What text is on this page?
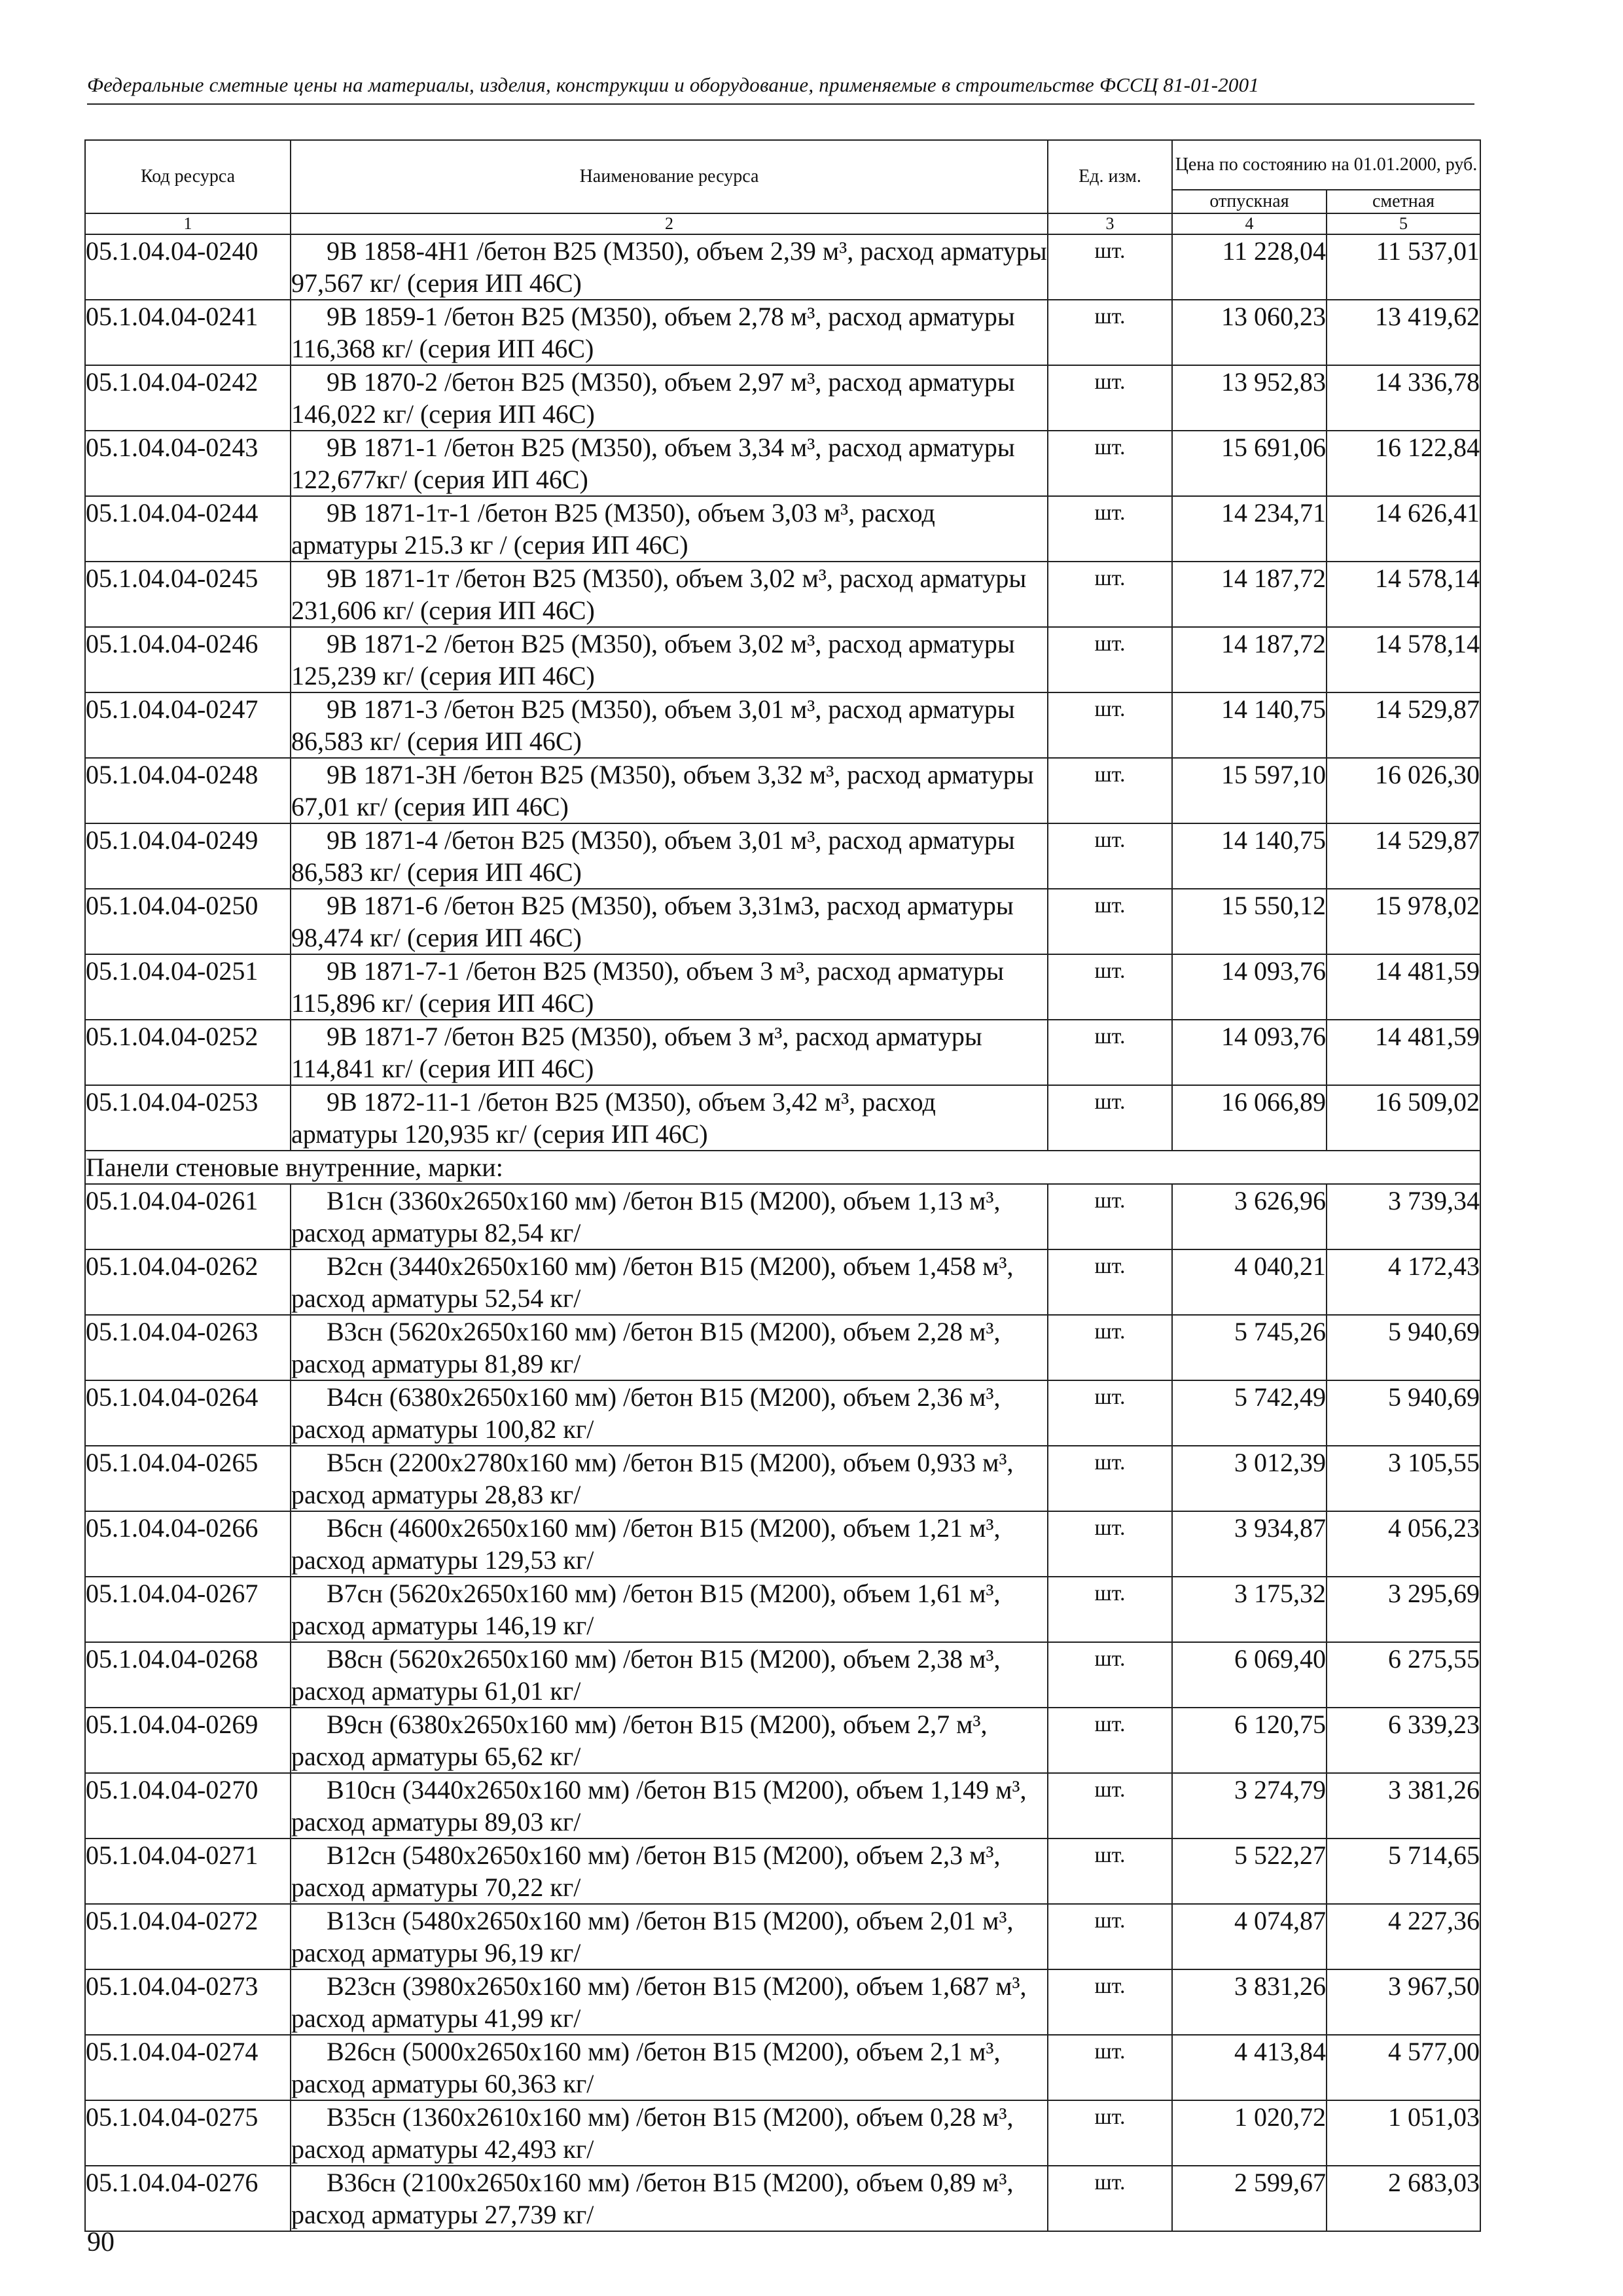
Федеральные сметные цены на материалы, изделия, конструкции и оборудование, применяемые в строительстве ФССЦ 81-01-2001
Код ресурса	Наименование ресурса	Ед. изм.	Цена по состоянию на 01.01.2000, руб.	
			отпускная	сметная
1	2	3	4	5
05.1.04.04-0240	9В 1858-4Н1 /бетон В25 (М350), объем 2,39 м³, расход арматуры 97,567 кг/ (серия ИП 46С)	шт.	11 228,04	11 537,01
05.1.04.04-0241	9В 1859-1 /бетон В25 (М350), объем 2,78 м³, расход арматуры 116,368 кг/ (серия ИП 46С)	шт.	13 060,23	13 419,62
05.1.04.04-0242	9В 1870-2 /бетон В25 (М350), объем 2,97 м³, расход арматуры 146,022 кг/ (серия ИП 46С)	шт.	13 952,83	14 336,78
05.1.04.04-0243	9В 1871-1 /бетон В25 (М350), объем 3,34 м³, расход арматуры 122,677кг/ (серия ИП 46С)	шт.	15 691,06	16 122,84
05.1.04.04-0244	9В 1871-1т-1 /бетон В25 (М350), объем 3,03 м³, расход арматуры 215.3 кг / (серия ИП 46С)	шт.	14 234,71	14 626,41
05.1.04.04-0245	9В 1871-1т /бетон В25 (М350), объем 3,02 м³, расход арматуры 231,606 кг/ (серия ИП 46С)	шт.	14 187,72	14 578,14
05.1.04.04-0246	9В 1871-2 /бетон В25 (М350), объем 3,02 м³, расход арматуры 125,239 кг/ (серия ИП 46С)	шт.	14 187,72	14 578,14
05.1.04.04-0247	9В 1871-3 /бетон В25 (М350), объем 3,01 м³, расход арматуры 86,583 кг/ (серия ИП 46С)	шт.	14 140,75	14 529,87
05.1.04.04-0248	9В 1871-3Н /бетон В25 (М350), объем 3,32 м³, расход арматуры 67,01 кг/ (серия ИП 46С)	шт.	15 597,10	16 026,30
05.1.04.04-0249	9В 1871-4 /бетон В25 (М350), объем 3,01 м³, расход арматуры 86,583 кг/ (серия ИП 46С)	шт.	14 140,75	14 529,87
05.1.04.04-0250	9В 1871-6 /бетон В25 (М350), объем 3,31м3, расход арматуры 98,474 кг/ (серия ИП 46С)	шт.	15 550,12	15 978,02
05.1.04.04-0251	9В 1871-7-1 /бетон В25 (М350), объем 3 м³, расход арматуры 115,896 кг/ (серия ИП 46С)	шт.	14 093,76	14 481,59
05.1.04.04-0252	9В 1871-7 /бетон В25 (М350), объем 3 м³, расход арматуры 114,841 кг/ (серия ИП 46С)	шт.	14 093,76	14 481,59
05.1.04.04-0253	9В 1872-11-1 /бетон В25 (М350), объем 3,42 м³, расход арматуры 120,935 кг/ (серия ИП 46С)	шт.	16 066,89	16 509,02
Панели стеновые внутренние, марки:				
05.1.04.04-0261	В1сн (3360х2650х160 мм) /бетон В15 (М200), объем 1,13 м³, расход арматуры 82,54 кг/	шт.	3 626,96	3 739,34
05.1.04.04-0262	В2сн (3440х2650х160 мм) /бетон В15 (М200), объем 1,458 м³, расход арматуры 52,54 кг/	шт.	4 040,21	4 172,43
05.1.04.04-0263	В3сн (5620х2650х160 мм) /бетон В15 (М200), объем 2,28 м³, расход арматуры 81,89 кг/	шт.	5 745,26	5 940,69
05.1.04.04-0264	В4сн (6380х2650х160 мм) /бетон В15 (М200), объем 2,36 м³, расход арматуры 100,82 кг/	шт.	5 742,49	5 940,69
05.1.04.04-0265	В5сн (2200х2780х160 мм) /бетон В15 (М200), объем 0,933 м³, расход арматуры 28,83 кг/	шт.	3 012,39	3 105,55
05.1.04.04-0266	В6сн (4600х2650х160 мм) /бетон В15 (М200), объем 1,21 м³, расход арматуры 129,53 кг/	шт.	3 934,87	4 056,23
05.1.04.04-0267	В7сн (5620х2650х160 мм) /бетон В15 (М200), объем 1,61 м³, расход арматуры 146,19 кг/	шт.	3 175,32	3 295,69
05.1.04.04-0268	В8сн (5620х2650х160 мм) /бетон В15 (М200), объем 2,38 м³, расход арматуры 61,01 кг/	шт.	6 069,40	6 275,55
05.1.04.04-0269	В9сн (6380х2650х160 мм) /бетон В15 (М200), объем 2,7 м³, расход арматуры 65,62 кг/	шт.	6 120,75	6 339,23
05.1.04.04-0270	В10сн (3440х2650х160 мм) /бетон В15 (М200), объем 1,149 м³, расход арматуры 89,03 кг/	шт.	3 274,79	3 381,26
05.1.04.04-0271	В12сн (5480х2650х160 мм) /бетон В15 (М200), объем 2,3 м³, расход арматуры 70,22 кг/	шт.	5 522,27	5 714,65
05.1.04.04-0272	В13сн (5480х2650х160 мм) /бетон В15 (М200), объем 2,01 м³, расход арматуры 96,19 кг/	шт.	4 074,87	4 227,36
05.1.04.04-0273	В23сн (3980х2650х160 мм) /бетон В15 (М200), объем 1,687 м³, расход арматуры 41,99 кг/	шт.	3 831,26	3 967,50
05.1.04.04-0274	В26сн (5000х2650х160 мм) /бетон В15 (М200), объем 2,1 м³, расход арматуры 60,363 кг/	шт.	4 413,84	4 577,00
05.1.04.04-0275	В35сн (1360х2610х160 мм) /бетон В15 (М200), объем 0,28 м³, расход арматуры 42,493 кг/	шт.	1 020,72	1 051,03
05.1.04.04-0276	В36сн (2100х2650х160 мм) /бетон В15 (М200), объем 0,89 м³, расход арматуры 27,739 кг/	шт.	2 599,67	2 683,03
90
